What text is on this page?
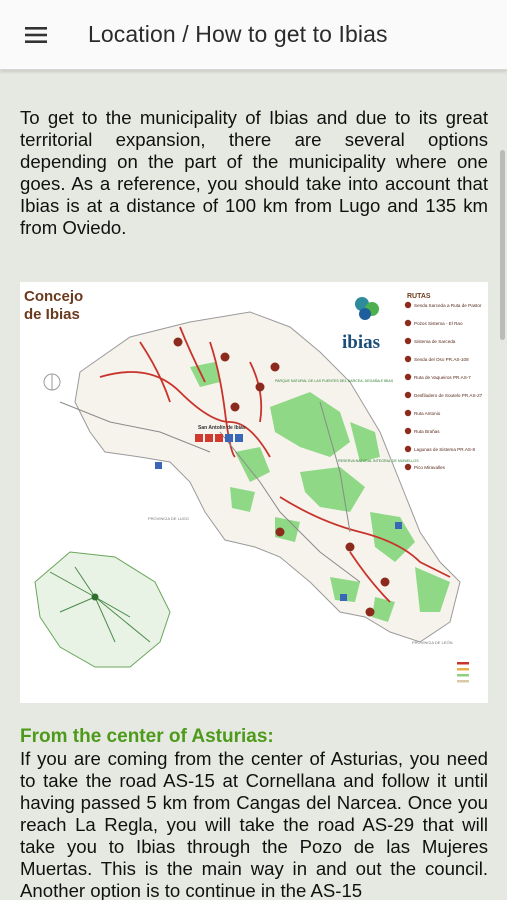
Location / How to get to Ibias

To get to the municipality of Ibias and due to its great territorial expansion, there are several options depending on the part of the municipality where one goes. As a reference, you should take into account that Ibias is at a distance of 100 km from Lugo and 135 km from Oviedo.

Concejo
de Ibias
ibias
RUTAS
Senda Sarceda a Ruta de Pastor
Pozos Sistema - El Rao
Sistema de Sarceda
Senda del Oso PR.AS-108
Ruta de Vaqueiros PR.AS-7
Desfiladero de Soutelo PR.AS-27
Ruta Antonio
Ruta Brañas
Lagunas de Sistema PR.AS-8
Pico Miravalles
San Antolín de Ibias
PARQUE NATURAL DE LAS FUENTES DEL NARCEA, DEGAÑA E IBIAS
RESERVA NATURAL INTEGRAL DE MUNIELLOS
PROVINCIA DE LUGO
PROVINCIA DE LEÓN
From the center of Asturias:

If you are coming from the center of Asturias, you need to take the road AS-15 at Cornellana and follow it until having passed 5 km from Cangas del Narcea. Once you reach La Regla, you will take the road AS-29 that will take you to Ibias through the Pozo de las Mujeres Muertas. This is the main way in and out the council. Another option is to continue in the AS-15
